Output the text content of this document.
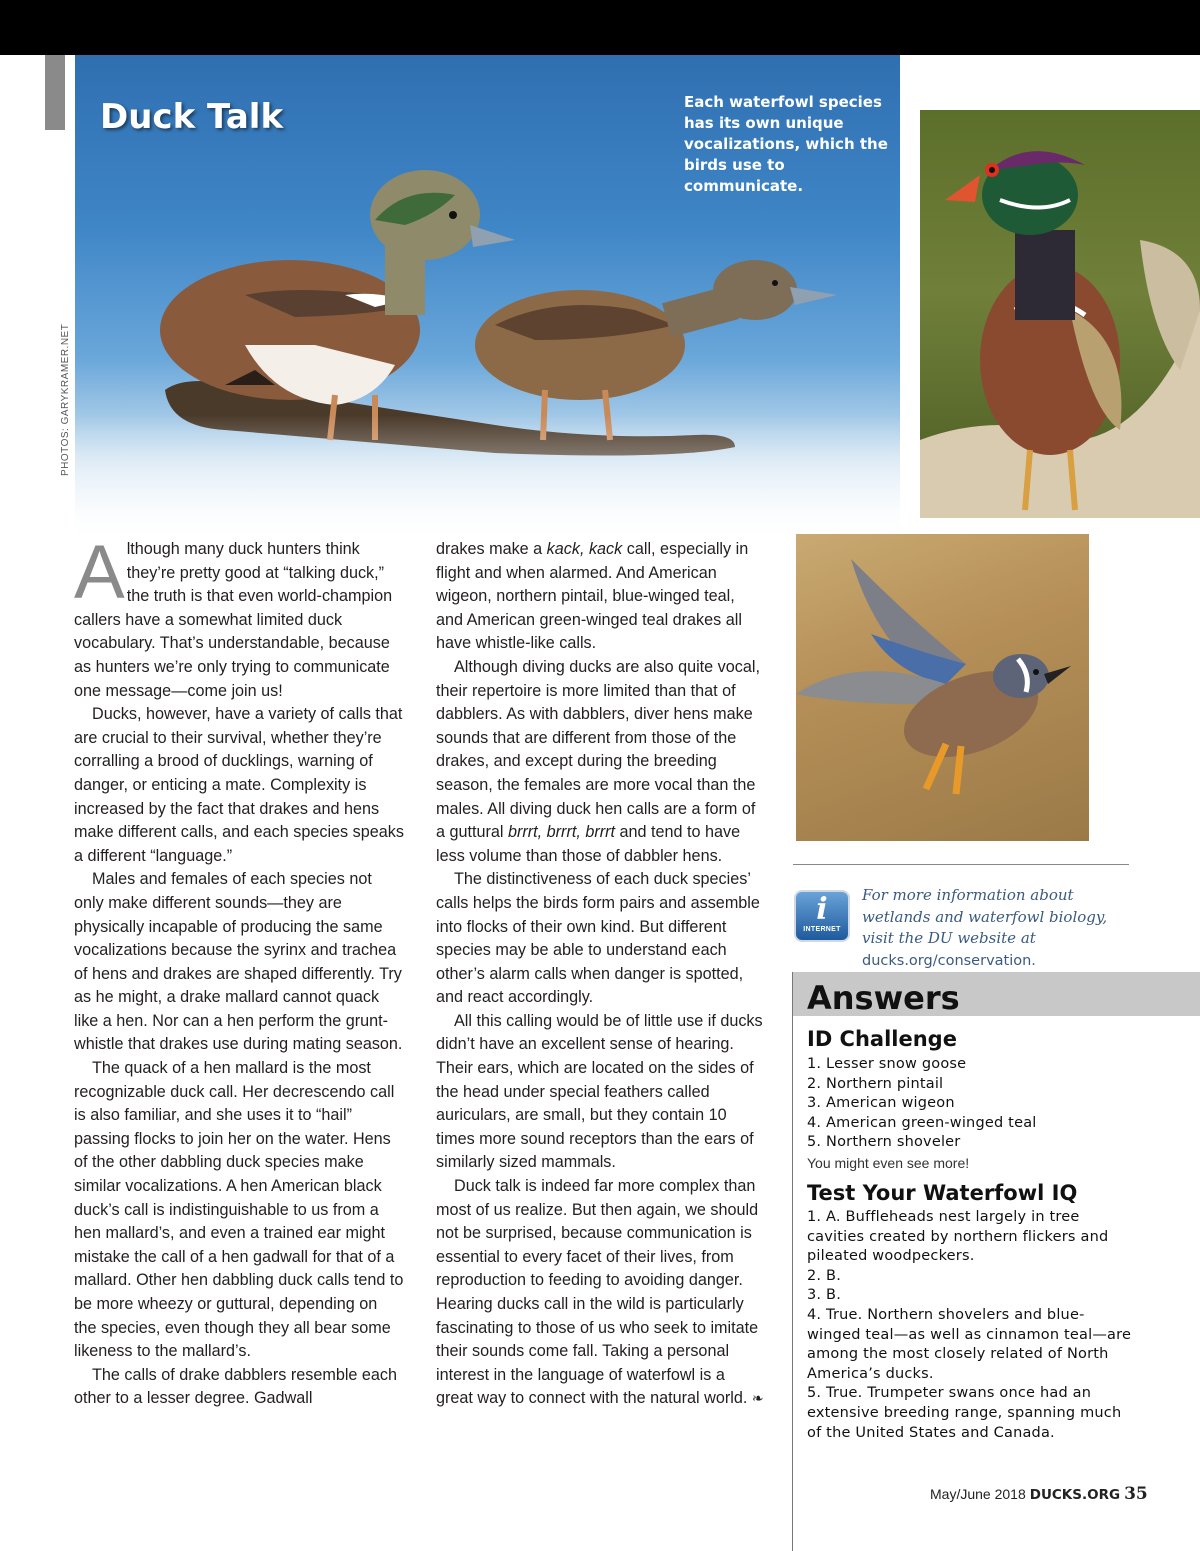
PHOTOS: GARYKRAMER.NET
Duck Talk	Each waterfowl species has its own unique vocalizations, which the birds use to communicate.

Although many duck hunters think they’re pretty good at “talking duck,” the truth is that even world-champion callers have a somewhat limited duck vocabulary. That’s understandable, because as hunters we’re only trying to communicate one message—come join us!

Ducks, however, have a variety of calls that are crucial to their survival, whether they’re corralling a brood of ducklings, warning of danger, or enticing a mate. Complexity is increased by the fact that drakes and hens make different calls, and each species speaks a different “language.”

Males and females of each species not only make different sounds—they are physically incapable of producing the same vocalizations because the syrinx and trachea of hens and drakes are shaped differently. Try as he might, a drake mallard cannot quack like a hen. Nor can a hen perform the grunt-whistle that drakes use during mating season.

The quack of a hen mallard is the most recognizable duck call. Her decrescendo call is also familiar, and she uses it to “hail” passing flocks to join her on the water. Hens of the other dabbling duck species make similar vocalizations. A hen American black duck’s call is indistinguishable to us from a hen mallard’s, and even a trained ear might mistake the call of a hen gadwall for that of a mallard. Other hen dabbling duck calls tend to be more wheezy or guttural, depending on the species, even though they all bear some likeness to the mallard’s.

The calls of drake dabblers resemble each other to a lesser degree. Gadwall

drakes make a kack, kack call, especially in flight and when alarmed. And American wigeon, northern pintail, blue-winged teal, and American green-winged teal drakes all have whistle-like calls.

Although diving ducks are also quite vocal, their repertoire is more limited than that of dabblers. As with dabblers, diver hens make sounds that are different from those of the drakes, and except during the breeding season, the females are more vocal than the males. All diving duck hen calls are a form of a guttural brrrt, brrrt, brrrt and tend to have less volume than those of dabbler hens.

The distinctiveness of each duck species’ calls helps the birds form pairs and assemble into flocks of their own kind. But different species may be able to understand each other’s alarm calls when danger is spotted, and react accordingly.

All this calling would be of little use if ducks didn’t have an excellent sense of hearing. Their ears, which are located on the sides of the head under special feathers called auriculars, are small, but they contain 10 times more sound receptors than the ears of similarly sized mammals.

Duck talk is indeed far more complex than most of us realize. But then again, we should not be surprised, because communication is essential to every facet of their lives, from reproduction to feeding to avoiding danger. Hearing ducks call in the wild is particularly fascinating to those of us who seek to imitate their sounds come fall. Taking a personal interest in the language of waterfowl is a great way to connect with the natural world. ❧

i
INTERNET
For more information about wetlands and waterfowl biology, visit the DU website at ducks.org/conservation.
Answers
ID Challenge
1. Lesser snow goose
2. Northern pintail
3. American wigeon
4. American green-winged teal
5. Northern shoveler
You might even see more!
Test Your Waterfowl IQ
1. A. Buffleheads nest largely in tree cavities created by northern flickers and pileated woodpeckers.
2. B.
3. B.
4. True. Northern shovelers and blue-winged teal—as well as cinnamon teal—are among the most closely related of North America’s ducks.
5. True. Trumpeter swans once had an extensive breeding range, spanning much of the United States and Canada.
May/June 2018 DUCKS.ORG 35
